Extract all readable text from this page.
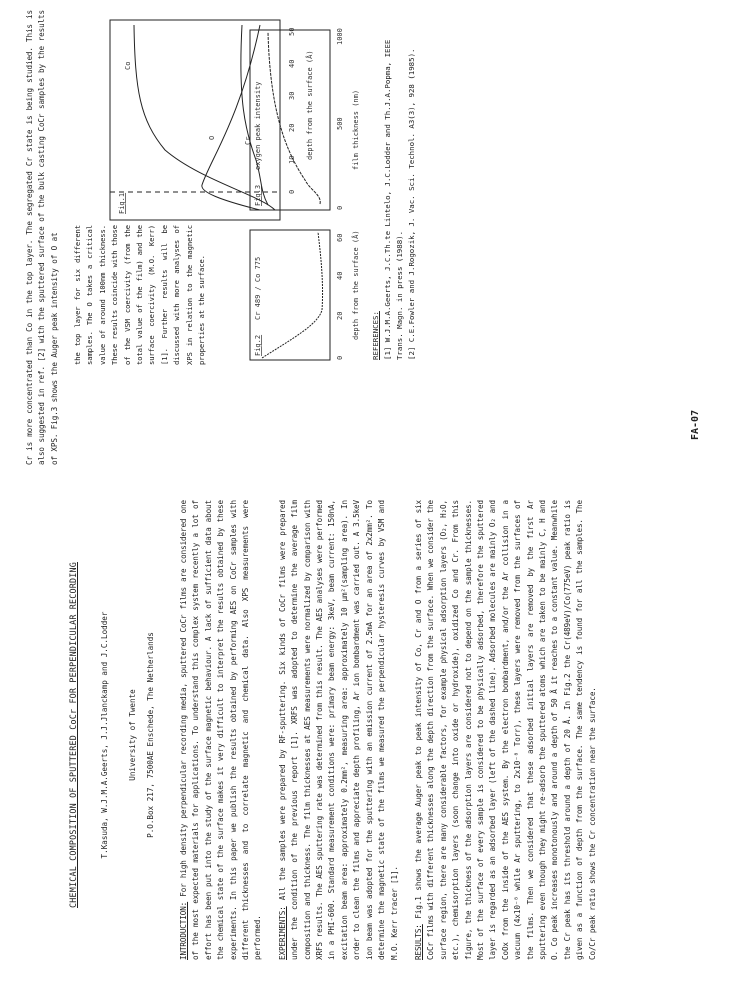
CHEMICAL COMPOSITION OF SPUTTERED CoCr FOR PERPENDICULAR RECORDING	T.Kasuda, W.J.M.A.Geerts, J.J.Jlanckamp and J.C.Lodder	University of Twente P.O.Box 217, 7500AE Enschede, The Netherlands

INTRODUCTION: For high density perpendicular recording media, sputtered CoCr films are considered one of the most expected materials for applications. To understand this complex system recently a lot of effort has been put into the study of the surface magnetic behaviour. A lack of sufficient data about the chemical state of the surface makes it very difficult to interpret the results obtained by these experiments. In this paper we publish the results obtained by performing AES on CoCr samples with different thicknesses and to correlate magnetic and chemical data. Also XPS measurements were performed.	EXPERIMENTS: All the samples were prepared by RF-sputtering. Six kinds of CoCr films were prepared under the condition of the previous report [1]. XRFS was adopted to determine the average film composition and thickness. The film thicknesses at AES measurements were normalized by comparison with XRFS results. The AES sputtering rate was determined from this result. The AES analyses were performed in a PHI-600. Standard measurement conditions were: primary beam energy: 3keV, beam current: 150nA, excitation beam area: approximately 0.2mm², measuring area: approximately 10 µm²(sampling area). In order to clean the films and appreciate depth profiling, Ar ion bombardment was carried out. A 3.5keV ion beam was adopted for the sputtering with an emission current of 2.5mA for an area of 2x2mm². To determine the magnetic state of the films we measured the perpendicular hysteresis curves by VSM and M.O. Kerr tracer [1].	RESULTS: Fig.1 shows the average Auger peak to peak intensity of Co, Cr and O from a series of six CoCr films with different thicknesses along the depth direction from the surface. When we consider the surface region, there are many considerable factors, for example physical adsorption layers (O₂, H₂O, etc.), chemisorption layers (soon change into oxide or hydroxide), oxidized Co and Cr. From this figure, the thickness of the adsorption layers are considered not to depend on the sample thicknesses. Most of the surface of every sample is considered to be physically adsorbed, therefore the sputtered layer is regarded as an adsorbed layer (left of the dashed line). Adsorbed molecules are mainly O₂ and CoOx from the inside of the AES system. By the electron bombardment, and/or the Ar collision in a vacuum (4x10⁻⁸ while Ar sputtering, to 2x10⁻⁸ Torr), these layers were removed from the surfaces of the films. Then we considered that these adsorbed initial layers are removed by the first Ar sputtering even though they might re-adsorb the sputtered atoms which are taken to be mainly C, H and O. Co peak increases monotonously and around a depth of 50 Å it reaches to a constant value. Meanwhile the Cr peak has its threshold around a depth of 20 Å. In Fig.2 the Cr(489eV)/Co(775eV) peak ratio is given as a function of depth from the surface. The same tendency is found for all the samples. The Co/Cr peak ratio shows the Cr concentration near the surface.

Cr is more concentrated than Co in the top layer. The segregated Cr state is being studied. This is also suggested in ref. [2] with the sputtered surface of the bulk casting CoCr samples by the results of XPS. Fig.3 shows the Auger peak intensity of O at	the top layer for six different samples. The O takes a critical value of around 100nm thickness. These results coincide with those of the VSM coercivity (from the total value of the film) and the surface coercivity (M.O. Kerr) [1]. Further results will be discussed with more analyses of XPS in relation to the magnetic properties at the surface.
Fig.1
Co
O	Cr
0
10
20
30
40
50
depth from the surface (Å)
Fig.2
Cr 489 / Co 775
0
20
40
60 depth from the surface (Å)
Fig.3
oxygen peak intensity
0
500
1000
film thickness (nm)
REFERENCES: [1] W.J.M.A.Geerts, J.C.Th.te Lintelo, J.C.Lodder and Th.J.A.Popma, IEEE Trans. Magn. in press (1988). [2] C.E.Fowler and J.Rogozik, J. Vac. Sci. Technol. A3(3), 928 (1985).
FA-07
